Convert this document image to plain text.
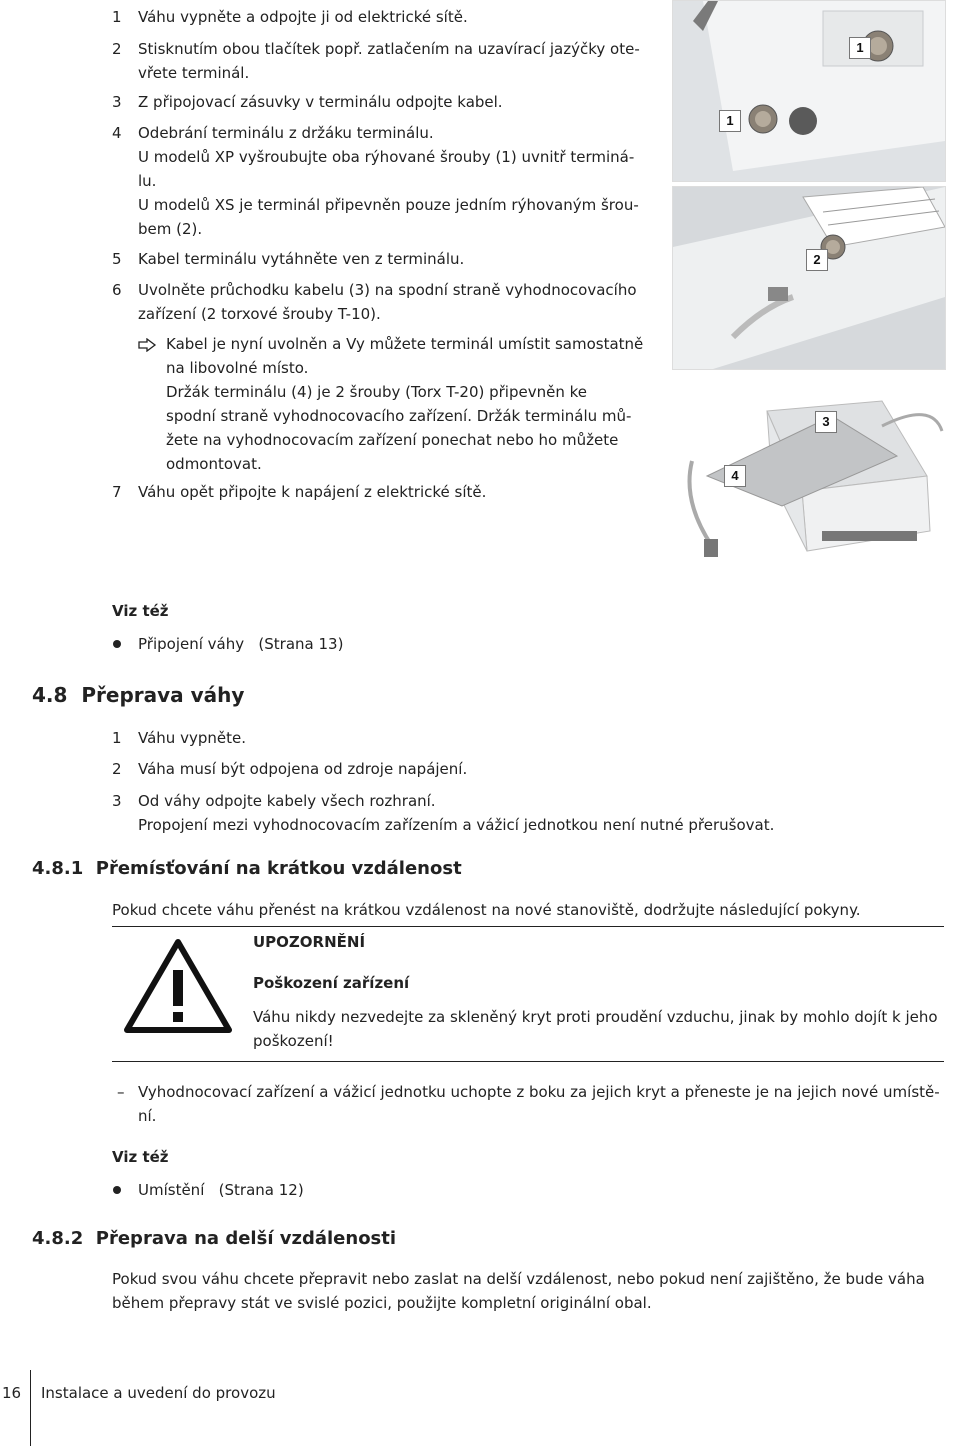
1	Váhu vypněte a odpojte ji od elektrické sítě.
2	Stisknutím obou tlačítek popř. zatlačením na uzavírací jazýčky ote-
vřete terminál.
3	Z připojovací zásuvky v terminálu odpojte kabel.
4	Odebrání terminálu z držáku terminálu.
U modelů XP vyšroubujte oba rýhované šrouby (1) uvnitř terminá-
lu.
U modelů XS je terminál připevněn pouze jedním rýhovaným šrou-
bem (2).
5	Kabel terminálu vytáhněte ven z terminálu.
6	Uvolněte průchodku kabelu (3) na spodní straně vyhodnocovacího
zařízení (2 torxové šrouby T-10).
Kabel je nyní uvolněn a Vy můžete terminál umístit samostatně
na libovolné místo.
Držák terminálu (4) je 2 šrouby (Torx T-20) připevněn ke
spodní straně vyhodnocovacího zařízení. Držák terminálu mů-
žete na vyhodnocovacím zařízení ponechat nebo ho můžete
odmontovat.
7	Váhu opět připojte k napájení z elektrické sítě.
1
1
2
3
4
Viz též
Připojení váhy   (Strana 13)
4.8  Přeprava váhy
1	Váhu vypněte.
2	Váha musí být odpojena od zdroje napájení.
3	Od váhy odpojte kabely všech rozhraní.
Propojení mezi vyhodnocovacím zařízením a vážicí jednotkou není nutné přerušovat.
4.8.1  Přemísťování na krátkou vzdálenost
Pokud chcete váhu přenést na krátkou vzdálenost na nové stanoviště, dodržujte následující pokyny.
UPOZORNĚNÍ
Poškození zařízení
Váhu nikdy nezvedejte za skleněný kryt proti proudění vzduchu, jinak by mohlo dojít k jeho
poškození!
– Vyhodnocovací zařízení a vážicí jednotku uchopte z boku za jejich kryt a přeneste je na jejich nové umístě-
ní.
Viz též
Umístění   (Strana 12)
4.8.2  Přeprava na delší vzdálenosti
Pokud svou váhu chcete přepravit nebo zaslat na delší vzdálenost, nebo pokud není zajištěno, že bude váha
během přepravy stát ve svislé pozici, použijte kompletní originální obal.
16 Instalace a uvedení do provozu
